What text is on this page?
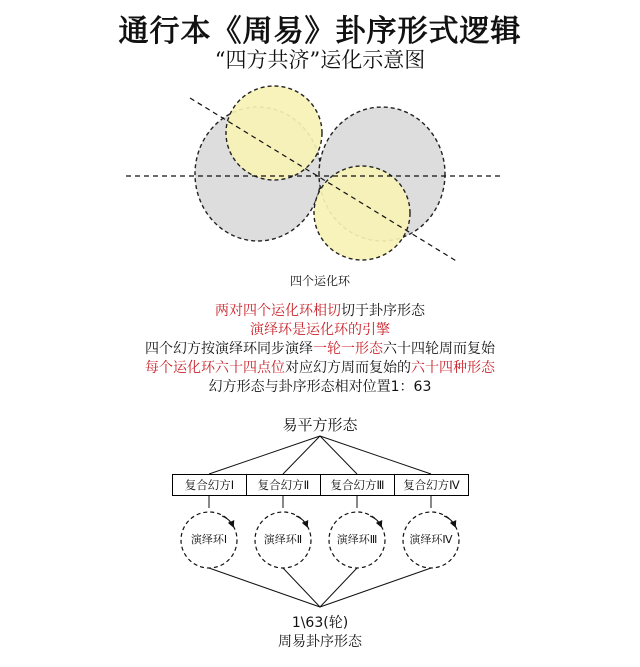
通行本《周易》卦序形式逻辑
“四方共济”运化示意图
四个运化环
两对四个运化环相切切于卦序形态
演绎环是运化环的引擎
四个幻方按演绎环同步演绎一轮一形态六十四轮周而复始
每个运化环六十四点位对应幻方周而复始的六十四种形态
幻方形态与卦序形态相对位置1：63
易平方形态
复合幻方Ⅰ	复合幻方Ⅱ	复合幻方Ⅲ	复合幻方Ⅳ
演绎环Ⅰ	演绎环Ⅱ	演绎环Ⅲ	演绎环Ⅳ
1\63(轮)
周易卦序形态
